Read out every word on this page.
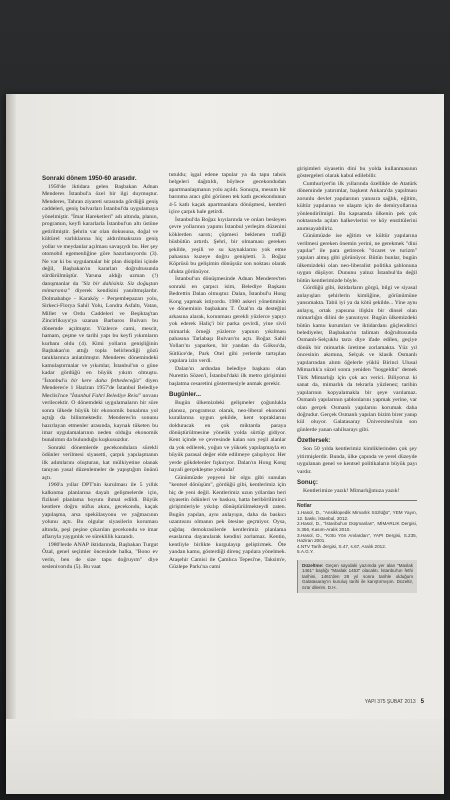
Sonraki dönem 1950-60 arasıdır.

1950'de iktidara gelen Başbakan Adnan Menderes İstanbul'a özel bir ilgi duymuştur. Menderes, Tahran ziyareti sırasında gördüğü geniş caddeleri, geniş bulvarları İstanbul'da uygulamaya yönelmiştir. "İmar Hareketleri" adı altında, planın, programın, keyfi kararlarla İstanbul'un altı üstüne getirilmiştir. Şehrin var olan dokusuna, doğal ve kültürel varlıklarına hiç aldırılmaksızın geniş yollar ve meydanlar açılması savaşıydı bu. Her şey otomobil egemenliğine göre hazırlanıyordu (3). Ne var ki bu uygulamalar bir plan disiplini içinde değil, Başbakan'ın kararları doğrultusunda sürdürülmüştür. Yaruna aldığı uzman (!) danışmanlar da "Siz bir dahisiniz. Siz doğuştan mimarsınız" diyerek kendisini yanıltmışlardır. Dolmabahçe - Karaköy - Perşembepazarı yolu, Sirkeci-Florya Sahil Yolu, Londra Asfaltı, Vatan, Millet ve Ordu Caddeleri ve Beşiktaş'tan Zincirlikuyu'ya uzanan Barbaros Bulvarı bu dönemde açılmıştır. Yüzlerce cami, mescit, hamam, çeşme ve tarihi yapı bu keyfi yıkımların kurbanı oldu (4). Kimi yolların genişliğinin Başbakan'ın attığı topla belirlendiği gözü tanıklarınca anlatılmıştır. Menderes dönemindeki kamulaştırmalar ve yıkımlar, İstanbul'un o güne kadar gördüğü en büyük yıkım olmuştu. "İstanbul'u bir kere daha fethedeceğiz" diyen Menderes'e 1 Haziran 1957'de İstanbul Belediye Meclisi'nce "İstanbul Fahri Belediye Reisi" unvanı verilecektir. O dönemdeki uygulamaların bir süre sonra ülkede büyük bir ekonomik bunalıma yol açtığı da bilinmektedir. Menderes'in sonunu hazırlayan etmenler arasında, kaynak tüketen bu imar uygulamalarının neden olduğu ekonomik bunalımın da bulunduğu kuşkusuzdur.

Sonraki dönemlerde gecekondulara sürekli ödünler verilmesi siyasetti, çarpık yapılaşmanın ilk adımlarını oluşturan, kat mülkiyetine olanak tanıyan yasal düzenlemeler de yapıştığım önünü açtı.

1960'a yıllar DPT'nin kurulması ile 5 yıllık kalkınma planlarına dayalı gelişmelerde için, fiziksel planlama boyutu ihmal edildi. Büyük kentlere doğru nüfus akını, gecekondu, kaçak yapılaşma, arsa spekülasyonu ve yağmacının yolunu açtı. Bu olgular siyasilerin koruması altında, peşi peşine çıkarılan gecekondu ve imar aflarıyla yaygınlık ve süreklilik kazandı.

1980'lerde ANAP iktidarında, Başbakan Turgut Özal, genel seçimler öncesinde halka, "Bono ev verin, ben de size tapu doğruyım" diye seslenivorıdu (5). Bu vaat

tutuldu; işgal edene tapular ya da tapu tahsis belgeleri dağıtıldı, böylece gecekondudan apartmanlaşmanın yolu açıldı. Sonuçta, mesum bir barınma aracı gibi görünen tek katlı gecekondunun 4-5 katlı kaçak apartmanlara dönüşmesi, kentleri içice çarpık hale getirdi.

İstanbul'da Boğaz kıyılarında ve onları besleyen çevre yollarının yapımı İstanbul yerleşim düzenini köklerden sarstı; çöpmesi beklenen trafiği büsbütün artırdı. Şehri, bir olmaması gereken şekilde, yeşili ve su kaynaklarını yok etme pahasına kuzeye doğru genişletti. 3. Boğaz Köprüsü bu gelişimin dönüşsüz son noktası olarak ufukta görünüyor.

İstanbul'un dönüşmesinde Adnan Menderes'ten sonraki en çarpıcı isim, Belediye Başkanı Bedrettin Dalan olmuştur. Dalan, İstanbul'u Hong Kong yapmak istiyordu. 1980 askeri yönetiminin ve döneminin başbakanı T. Özal'ın da desteğini arkasına alarak, korunması gerekli yüzlerce yapıyı yok ederek Haliç'i bir parka çevirdi, yine sivil mimarlık örneği yüzlerce yapının yıkılması pahasına Tarlabaşı Bulvarı'nı açtı. Boğaz Sahil Yolları'nı yaparken, bir yandan da Göksu'da, Sütlüce'de, Park Otel gibi yerlerde tartışılan yapılara izin verdi.

Dalan'ın ardından belediye başkanı olan Nurettin Sözen'i, İstanbul'daki ilk metro girişimini başlatma cesaretini göstermesiyle anmak gerekir.

Bugünler...

Bugün ülkemizdeki gelişmeler çoğunlukla plansız, programsız olarak, neo-liberal ekonomi kurallarına uygun şekilde, kent topraklarını dolduracak en çok miktarda paraya dönüştürülmesine yönelik yolda sürtüp gidiyor. Kent içinde ve çevresinde kalan son yeşil alanlar da yok edilerek, yoğun ve yüksek yapılaşmayla en büyük parasal değer elde edilmeye çalışılıyor. Her yerde gökdelenler fışkırıyor. Dalan'ın Hong Kong hayali gerçekleşme yolunda!

Günümüzde yepyeni bir olgu gibi sunulan "kentsel dönüşüm", gördüğü gibi, kentlerimiz için hiç de yeni değil. Kentlerimiz uzun yıllardan beri siyasetin ödünleri ve baskısı, hatta beriböriliminci girişimleriyle yıkılıp dönüştürülmekteydi zaten. Bugün yapılan, aynı anlayışın, daha da baskıcı uzantısını olmanın pek ötesine geçmiyor. Oysa, çağdaş demokrasilerde kentlerimiz planlama esaslarına dayanılarak kendini zorlamaz. Kentin, kentliyle birlikte kurgulayıp geliştirmek. Öte yandan kamu, gösterdiği direnç yapılara yönelmek. Ataşehir Camisi ile Çamlıca Tepesi'ne, Taksim'e, Güzlepe Parkı'na cami

girişimleri siyasetin dini bu yolda kullanmasının göstergeleri olarak kabul edilebilir.

Cumhuriyet'in ilk yıllarında özellikle de Atatürk döneminde yatırımlar, başkent Ankara'da yapılması zorunlu devlet yapılarının yanısıra sağlık, eğitim, kültür yapılarına ve ulaşım için de demiryollarına yönlendirilmişti. Bu kapsamda ülkenin pek çok noktasında açılan halkevlerini ve köy enstitülerini anımsayabiliriz.

Günümüzde ise eğitim ve kültür yapılarına verilmesi gereken önemin yerini, ne gerekmek "dini yapılar" ile para getirecek "ticaret ve turizm" yapıları almış gibi görünüyor. Bütün bunlar, bugün ülkemizdeki olan neo-liberalist politika şablonuna uygun düşüyor. Dununu yalnız İstanbul'da değil bütün kentlerimizde böyle.

Gördüğü gibi, iktidarların görgü, bilgi ve siyasal anlayışları şehirlerin kimliğine, görünümüne yansımakta. Tabii iyi ya da kötü şekilde... Yine aynı anlayış, ortak yapısına ilişkin bir dinsel olan mimarlığın dilini de yansıtıyor. Bugün ülkemizdeki bütün kamu kurumları ve iktidardanı güçlendirici belediyeler, Başbakan'ın talimatı doğrultusunda Osmanlı-Selçuklu tarzı diye ifade edilen, geçiye dönük bir mimarlık üretime zorlamakta. Yüz yıl öncesinin akımına, Selçuk ve klasik Osmanlı yapılarından alıntı öğelerle yüklü Birinci Ulusal Mimarlık'a süzel sonra yeniden "hoşgeldin" demek Türk Mimarlığı için çok acı verici. Biliyoruz ki sanat da, mimarlık da tekrarla yüzlenez; tarihin yapılarının kopyalamakla bir şeye varılamaz. Osmanlı yapılarının şablonlarını yapmak yerine, var olan gerçek Osmanlı yapılarını korumak daha doğrudur. Gerçek Osmanlı yapıları bizim birer yanıp kül oluyor. Galatasaray Üniversitesi'nin son günlerde yanan sahilsarayı gibi.

Özetlersek:

Son 50 yılda kentlerimiz kimliklerinden çok şey yitirmişlerdir. Bunda, ülke çapında ve yerel düzeyde uygulanan genel ve kentsel politikaların büyük payı vardır.

Sonuç:

Kentlerimize yazık! Mimarlığımıza yazık!

Notlar
1.Hasol, D., "Ansiklopedik Mimarlık Sözlüğü", YEM Yayın, 12. baskı, İstanbul, 2012.
2.Hasol, D., "İstanbul'un Düşmanları", MİMARLIK Dergisi, S.356, Kasım-Aralık 2010.
3.Hasol, D., "Kötü Yön Anılardan", YAPI Dergisi, S.235, Haziran 2001.
4.NTV Tarih dergisi, S.47, s.67, Aralık 2012.
5.A.G.Y.
Düzeltme: Geçen sayıdaki yazımda yer alan "Maslak 1461" başlığı "Maslak 1453" olacaktı. İstanbul'un fethi tarihini, 1461'den 28 yıl sonra tarihle olduğum Galatasaray'ın kuruluş tarihi ile karıştırmışım. Düzeltir, özür dilerim. D.H.
YAPI 375 ŞUBAT 2013 5
